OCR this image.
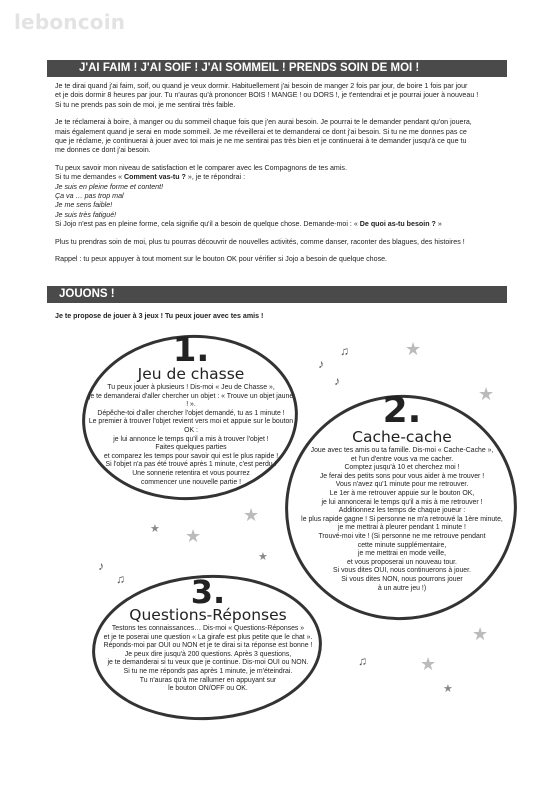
leboncoin
J'AI FAIM ! J'AI SOIF ! J'AI SOMMEIL ! PRENDS SOIN DE MOI !

Je te dirai quand j'ai faim, soif, ou quand je veux dormir. Habituellement j'ai besoin de manger 2 fois par jour, de boire 1 fois par jour
et je dois dormir 8 heures par jour. Tu n'auras qu'à prononcer BOIS ! MANGE ! ou DORS !, je t'entendrai et je pourrai jouer à nouveau !
Si tu ne prends pas soin de moi, je me sentirai très faible.

Je te réclamerai à boire, à manger ou du sommeil chaque fois que j'en aurai besoin. Je pourrai te le demander pendant qu'on jouera,
mais également quand je serai en mode sommeil. Je me réveillerai et te demanderai ce dont j'ai besoin. Si tu ne me donnes pas ce
que je réclame, je continuerai à jouer avec toi mais je ne me sentirai pas très bien et je continuerai à te demander jusqu'à ce que tu
me donnes ce dont j'ai besoin.

Tu peux savoir mon niveau de satisfaction et le comparer avec les Compagnons de tes amis.
Si tu me demandes « Comment vas-tu ? », je te répondrai :
Je suis en pleine forme et content!
Ça va … pas trop mal
Je me sens faible!
Je suis très fatigué!
Si Jojo n'est pas en pleine forme, cela signifie qu'il a besoin de quelque chose. Demande-moi : « De quoi as-tu besoin ? »

Plus tu prendras soin de moi, plus tu pourras découvrir de nouvelles activités, comme danser, raconter des blagues, des histoires !

Rappel : tu peux appuyer à tout moment sur le bouton OK pour vérifier si Jojo a besoin de quelque chose.

JOUONS !
Je te propose de jouer à 3 jeux ! Tu peux jouer avec tes amis !
★
★
★
★
★
★
★
★
★
♪
♫
♪
♪
♫
♫
1.
Jeu de chasse
Tu peux jouer à plusieurs ! Dis-moi « Jeu de Chasse »,
je te demanderai d'aller chercher un objet : « Trouve un objet jaune ! ».
Dépêche-toi d'aller chercher l'objet demandé, tu as 1 minute !
Le premier à trouver l'objet revient vers moi et appuie sur le bouton OK :
je lui annonce le temps qu'il a mis à trouver l'objet !
Faites quelques parties
et comparez les temps pour savoir qui est le plus rapide !
Si l'objet n'a pas été trouvé après 1 minute, c'est perdu !
Une sonnerie retentira et vous pourrez
commencer une nouvelle partie !
2.
Cache-cache
Joue avec tes amis ou ta famille. Dis-moi « Cache-Cache »,
et l'un d'entre vous va me cacher.
Comptez jusqu'à 10 et cherchez moi !
Je ferai des petits sons pour vous aider à me trouver !
Vous n'avez qu'1 minute pour me retrouver.
Le 1er à me retrouver appuie sur le bouton OK,
je lui annoncerai le temps qu'il a mis à me retrouver !
Additionnez les temps de chaque joueur :
le plus rapide gagne ! Si personne ne m'a retrouvé la 1ère minute,
je me mettrai à pleurer pendant 1 minute !
Trouvé-moi vite ! (Si personne ne me retrouve pendant
cette minute supplémentaire,
je me mettrai en mode veille,
et vous proposerai un nouveau tour.
Si vous dites OUI, nous continuerons à jouer.
Si vous dites NON, nous pourrons jouer
à un autre jeu !)
3.
Questions-Réponses
Testons tes connaissances… Dis-moi « Questions-Réponses »
et je te poserai une question « La girafe est plus petite que le chat ».
Réponds-moi par OUI ou NON et je te dirai si ta réponse est bonne !
Je peux dire jusqu'à 200 questions. Après 3 questions,
je te demanderai si tu veux que je continue. Dis-moi OUI ou NON.
Si tu ne me réponds pas après 1 minute, je m'éteindrai.
Tu n'auras qu'à me rallumer en appuyant sur
le bouton ON/OFF ou OK.
